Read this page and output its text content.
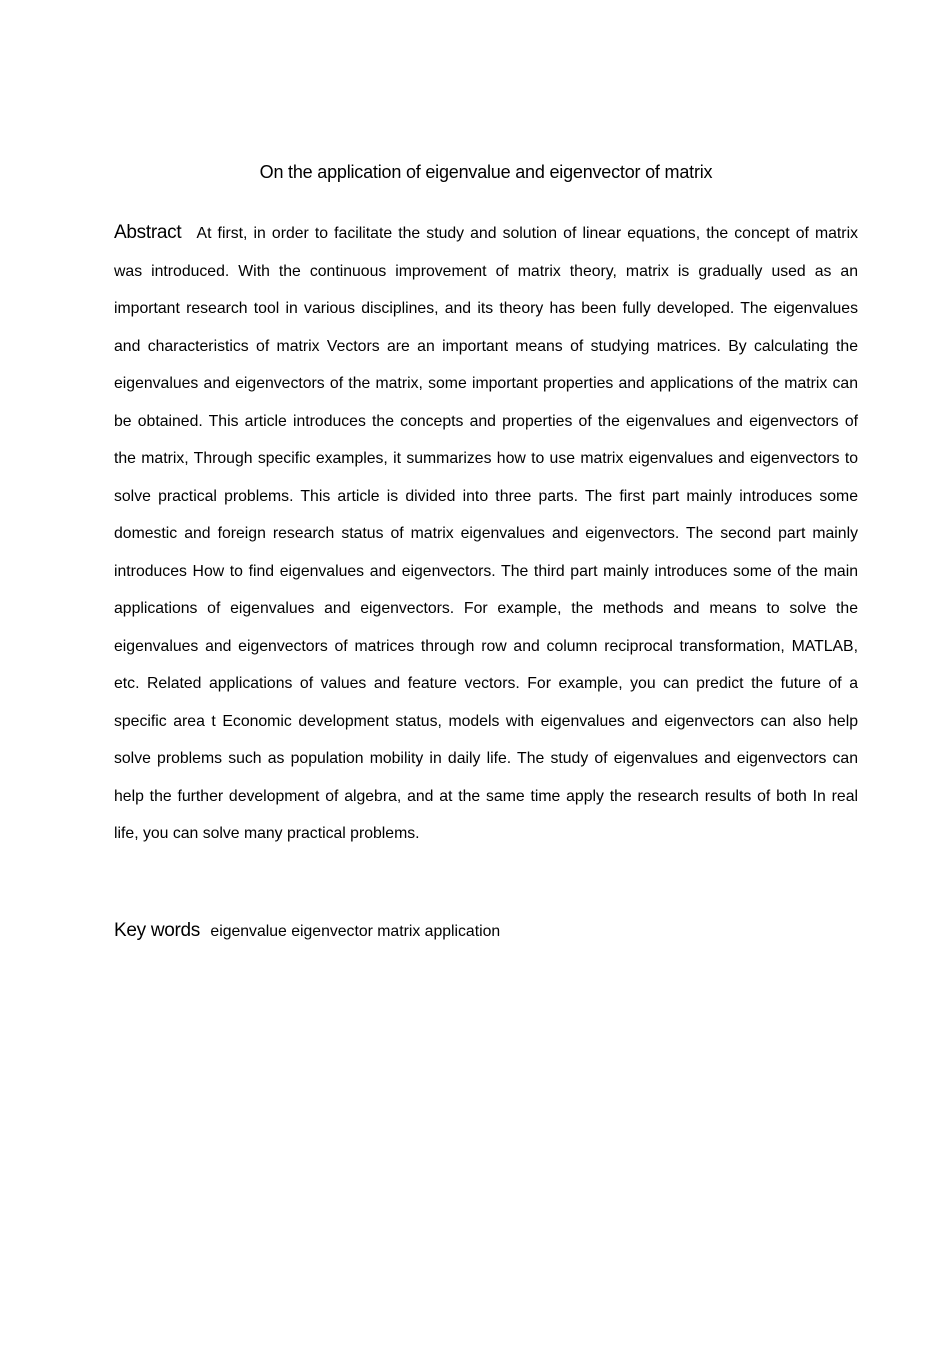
On the application of eigenvalue and eigenvector of matrix

Abstract At first, in order to facilitate the study and solution of linear equations, the concept of matrix was introduced. With the continuous improvement of matrix theory, matrix is gradually used as an important research tool in various disciplines, and its theory has been fully developed. The eigenvalues and characteristics of matrix Vectors are an important means of studying matrices. By calculating the eigenvalues and eigenvectors of the matrix, some important properties and applications of the matrix can be obtained. This article introduces the concepts and properties of the eigenvalues and eigenvectors of the matrix, Through specific examples, it summarizes how to use matrix eigenvalues and eigenvectors to solve practical problems. This article is divided into three parts. The first part mainly introduces some domestic and foreign research status of matrix eigenvalues and eigenvectors. The second part mainly introduces How to find eigenvalues and eigenvectors. The third part mainly introduces some of the main applications of eigenvalues and eigenvectors. For example, the methods and means to solve the eigenvalues and eigenvectors of matrices through row and column reciprocal transformation, MATLAB, etc. Related applications of values and feature vectors. For example, you can predict the future of a specific area t Economic development status, models with eigenvalues and eigenvectors can also help solve problems such as population mobility in daily life. The study of eigenvalues and eigenvectors can help the further development of algebra, and at the same time apply the research results of both In real life, you can solve many practical problems.

Key words eigenvalue eigenvector matrix application
